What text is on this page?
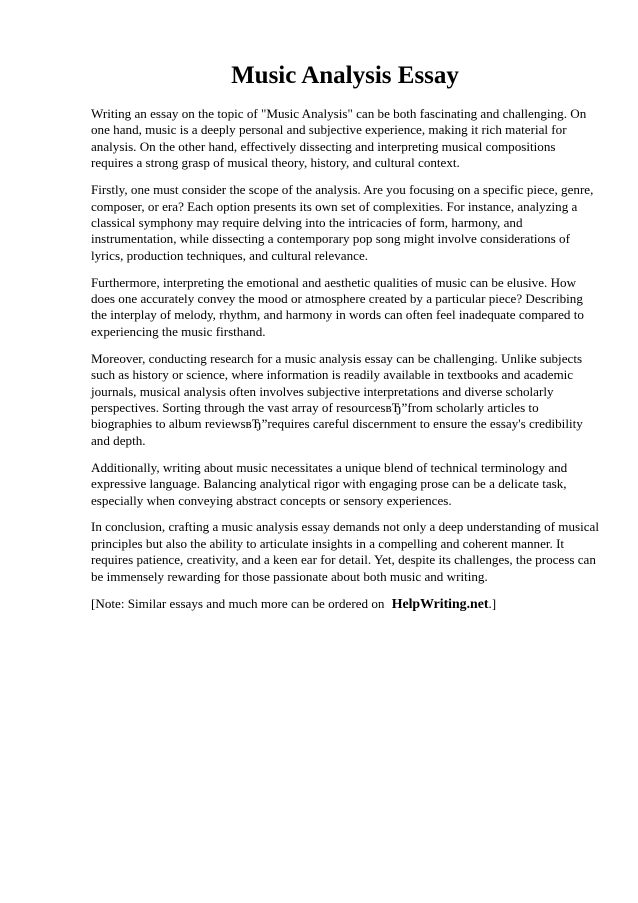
Music Analysis Essay

Writing an essay on the topic of "Music Analysis" can be both fascinating and challenging. On one hand, music is a deeply personal and subjective experience, making it rich material for analysis. On the other hand, effectively dissecting and interpreting musical compositions requires a strong grasp of musical theory, history, and cultural context.

Firstly, one must consider the scope of the analysis. Are you focusing on a specific piece, genre, composer, or era? Each option presents its own set of complexities. For instance, analyzing a classical symphony may require delving into the intricacies of form, harmony, and instrumentation, while dissecting a contemporary pop song might involve considerations of lyrics, production techniques, and cultural relevance.

Furthermore, interpreting the emotional and aesthetic qualities of music can be elusive. How does one accurately convey the mood or atmosphere created by a particular piece? Describing the interplay of melody, rhythm, and harmony in words can often feel inadequate compared to experiencing the music firsthand.

Moreover, conducting research for a music analysis essay can be challenging. Unlike subjects such as history or science, where information is readily available in textbooks and academic journals, musical analysis often involves subjective interpretations and diverse scholarly perspectives. Sorting through the vast array of resourcesвЂ”from scholarly articles to biographies to album reviewsвЂ”requires careful discernment to ensure the essay's credibility and depth.

Additionally, writing about music necessitates a unique blend of technical terminology and expressive language. Balancing analytical rigor with engaging prose can be a delicate task, especially when conveying abstract concepts or sensory experiences.

In conclusion, crafting a music analysis essay demands not only a deep understanding of musical principles but also the ability to articulate insights in a compelling and coherent manner. It requires patience, creativity, and a keen ear for detail. Yet, despite its challenges, the process can be immensely rewarding for those passionate about both music and writing.

[Note: Similar essays and much more can be ordered on HelpWriting.net.]
